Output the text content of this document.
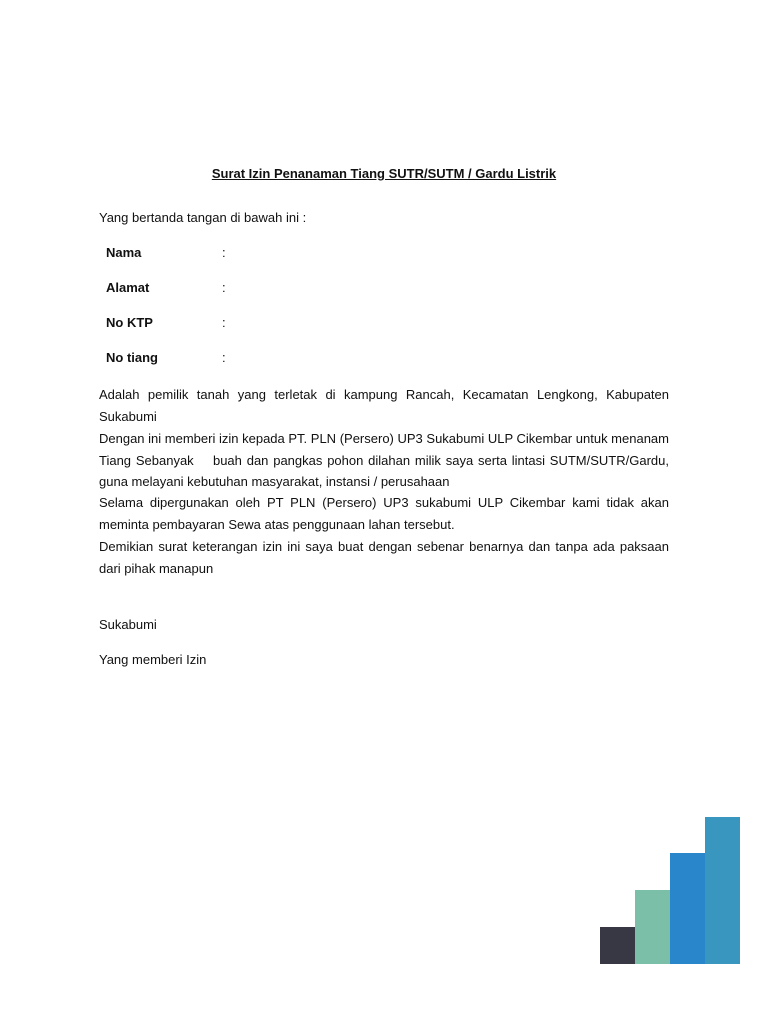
Surat Izin Penanaman Tiang SUTR/SUTM / Gardu Listrik

Yang bertanda tangan di bawah ini :

Nama	:
Alamat	:
No KTP	:
No tiang	:

Adalah pemilik tanah yang terletak di kampung Rancah, Kecamatan Lengkong, Kabupaten Sukabumi

Dengan ini memberi izin kepada PT. PLN (Persero) UP3 Sukabumi ULP Cikembar untuk menanam Tiang Sebanyak    buah dan pangkas pohon dilahan milik saya serta lintasi SUTM/SUTR/Gardu, guna melayani kebutuhan masyarakat, instansi / perusahaan

Selama dipergunakan oleh PT PLN (Persero) UP3 sukabumi ULP Cikembar kami tidak akan meminta pembayaran Sewa atas penggunaan lahan tersebut.

Demikian surat keterangan izin ini saya buat dengan sebenar benarnya dan tanpa ada paksaan dari pihak manapun

Sukabumi

Yang memberi Izin
